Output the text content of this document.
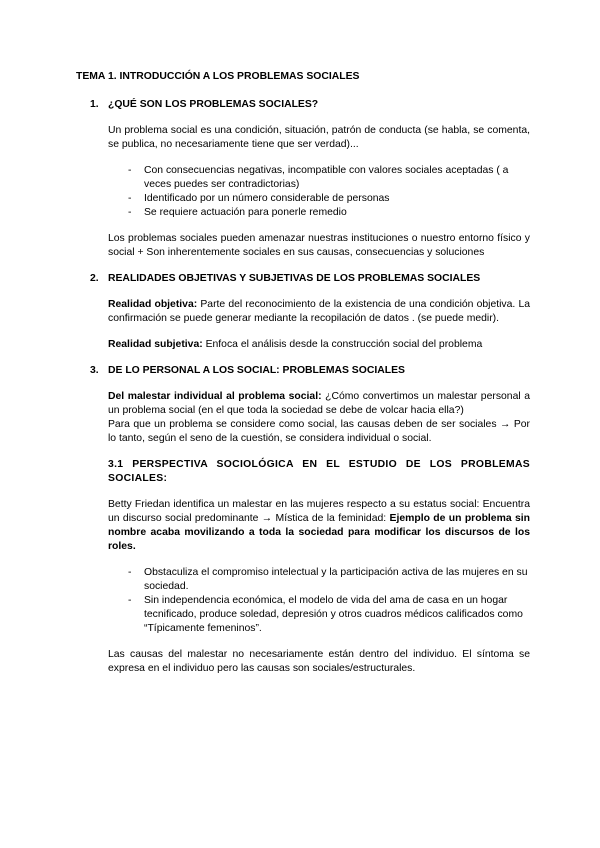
TEMA 1. INTRODUCCIÓN A LOS PROBLEMAS SOCIALES
1. ¿QUÉ SON LOS PROBLEMAS SOCIALES?

Un problema social es una condición, situación, patrón de conducta (se habla, se comenta, se publica, no necesariamente tiene que ser verdad)...

-	Con consecuencias negativas, incompatible con valores sociales aceptadas ( a veces puedes ser contradictorias)
-	Identificado por un número considerable de personas
-	Se requiere actuación para ponerle remedio

Los problemas sociales pueden amenazar nuestras instituciones o nuestro entorno físico y social + Son inherentemente sociales en sus causas, consecuencias y soluciones

2. REALIDADES OBJETIVAS Y SUBJETIVAS DE LOS PROBLEMAS SOCIALES

Realidad objetiva: Parte del reconocimiento de la existencia de una condición objetiva. La confirmación se puede generar mediante la recopilación de datos . (se puede medir).

Realidad subjetiva: Enfoca el análisis desde la construcción social del problema

3. DE LO PERSONAL A LOS SOCIAL: PROBLEMAS SOCIALES

Del malestar individual al problema social: ¿Cómo convertimos un malestar personal a un problema social (en el que toda la sociedad se debe de volcar hacia ella?)

Para que un problema se considere como social, las causas deben de ser sociales → Por lo tanto, según el seno de la cuestión, se considera individual o social.

3.1 PERSPECTIVA SOCIOLÓGICA EN EL ESTUDIO DE LOS PROBLEMAS SOCIALES:

Betty Friedan identifica un malestar en las mujeres respecto a su estatus social: Encuentra un discurso social predominante → Mística de la feminidad: Ejemplo de un problema sin nombre acaba movilizando a toda la sociedad para modificar los discursos de los roles.

-	Obstaculiza el compromiso intelectual y la participación activa de las mujeres en su sociedad.
-	Sin independencia económica, el modelo de vida del ama de casa en un hogar tecnificado, produce soledad, depresión y otros cuadros médicos calificados como “Típicamente femeninos”.

Las causas del malestar no necesariamente están dentro del individuo. El síntoma se expresa en el individuo pero las causas son sociales/estructurales.
